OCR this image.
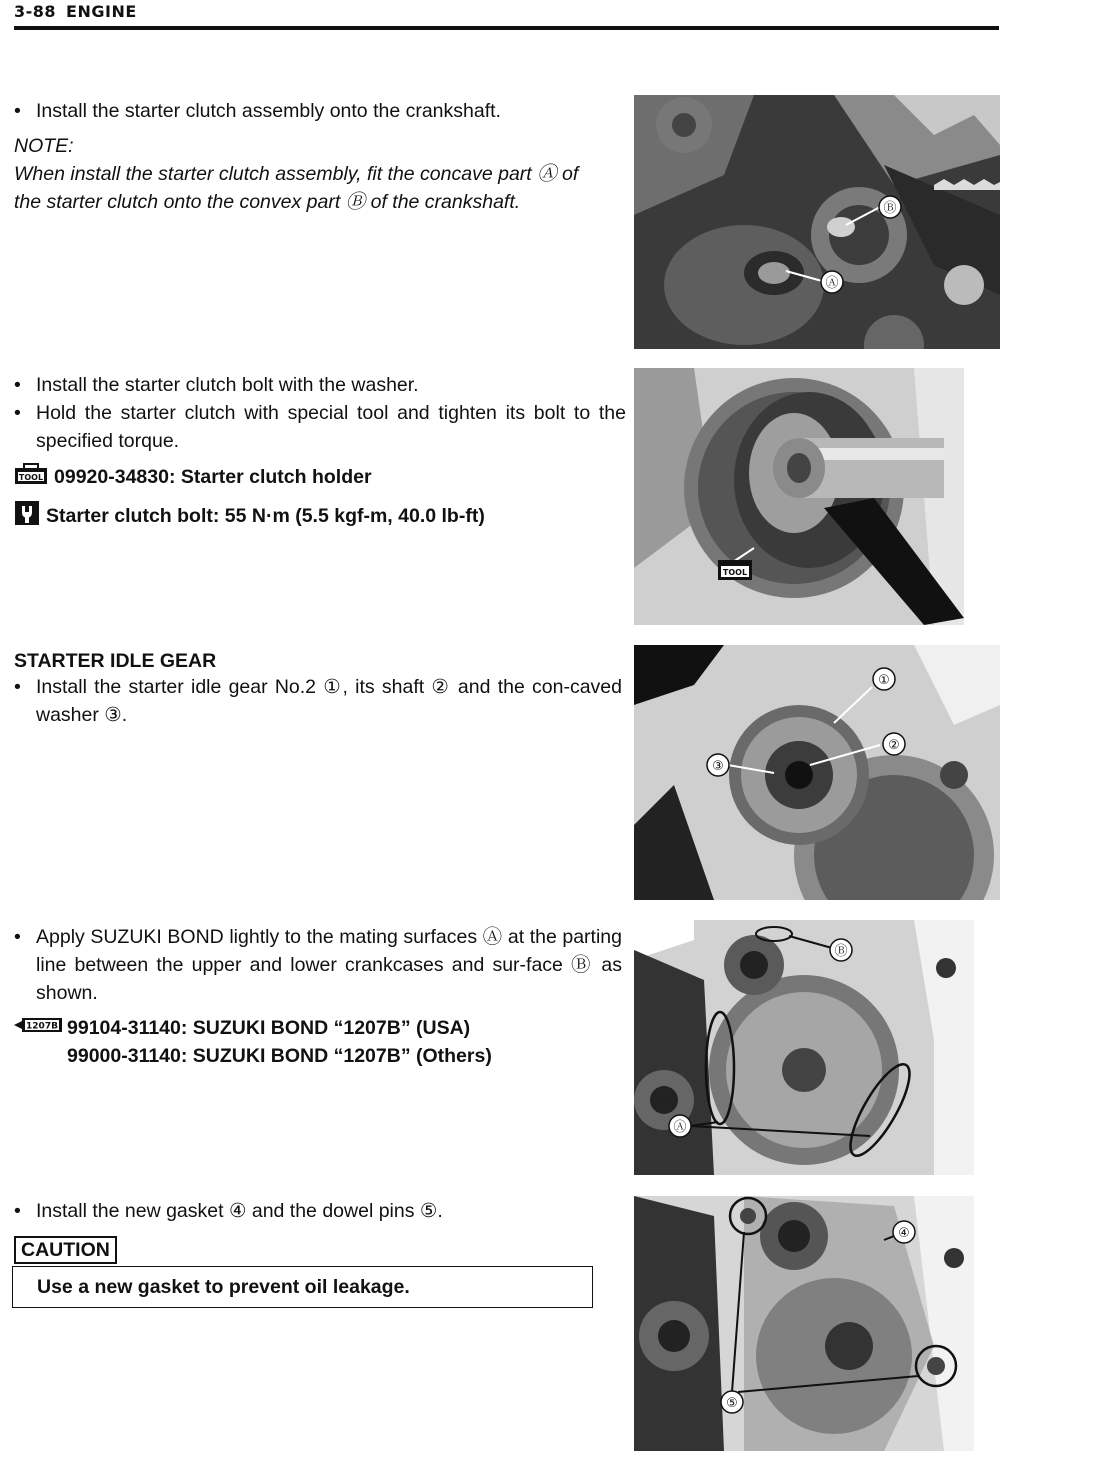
3-88 ENGINE
• Install the starter clutch assembly onto the crankshaft.
NOTE:
When install the starter clutch assembly, fit the concave part Ⓐ of the starter clutch onto the convex part Ⓑ of the crankshaft.
• Install the starter clutch bolt with the washer.
• Hold the starter clutch with special tool and tighten its bolt to the specified torque.
TOOL 09920-34830: Starter clutch holder
Starter clutch bolt: 55 N·m (5.5 kgf-m, 40.0 lb-ft)
STARTER IDLE GEAR
• Install the starter idle gear No.2 ①, its shaft ② and the con-caved washer ③.
• Apply SUZUKI BOND lightly to the mating surfaces Ⓐ at the parting line between the upper and lower crankcases and sur-face Ⓑ as shown.
1207B 99104-31140: SUZUKI BOND “1207B” (USA)
99000-31140: SUZUKI BOND “1207B” (Others)
• Install the new gasket ④ and the dowel pins ⑤.
CAUTION
Use a new gasket to prevent oil leakage.
Ⓑ
Ⓐ
TOOL
①
②
③
Ⓑ
Ⓐ
④
⑤
